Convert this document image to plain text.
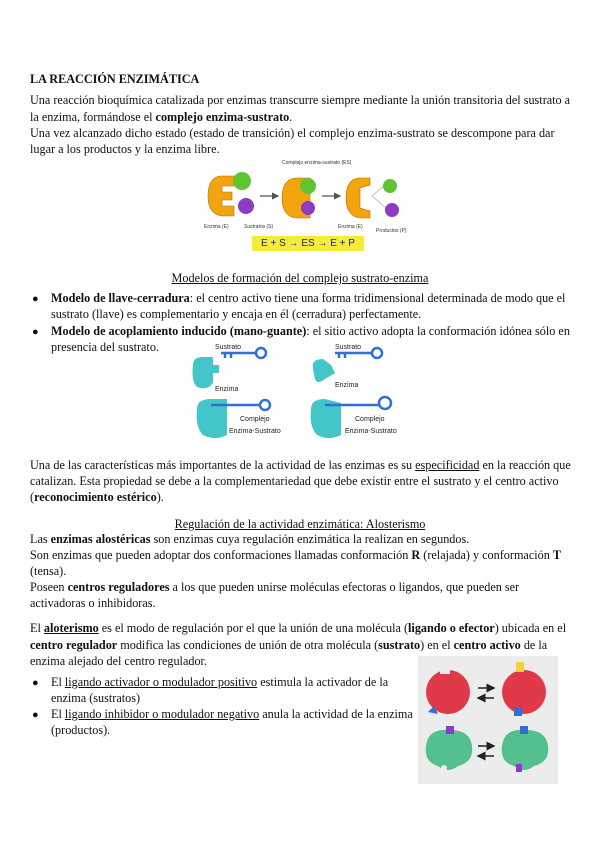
LA REACCIÓN ENZIMÁTICA
Una reacción bioquímica catalizada por enzimas transcurre siempre mediante la unión transitoria del sustrato a
la enzima, formándose el complejo enzima-sustrato.
Una vez alcanzado dicho estado (estado de transición) el complejo enzima-sustrato se descompone para dar
lugar a los productos y la enzima libre.
Enzima (E)	Sustratos (S)
Complejo enzima-sustrato (ES)
Enzima (E)
Productos (P)
E + S → ES → E + P
Modelos de formación del complejo sustrato-enzima
● Modelo de llave-cerradura: el centro activo tiene una forma tridimensional determinada de modo que el
sustrato (llave) es complementario y encaja en él (cerradura) perfectamente.
● Modelo de acoplamiento inducido (mano-guante): el sitio activo adopta la conformación idónea sólo en
presencia del sustrato.	Sustrato
Enzima
Sustrato
Enzima
Complejo
Enzima-Sustrato
Complejo
Enzima-Sustrato
Una de las características más importantes de la actividad de las enzimas es su especificidad en la reacción que
catalizan. Esta propiedad se debe a la complementariedad que debe existir entre el sustrato y el centro activo
(reconocimiento estérico).
Regulación de la actividad enzimática: Alosterismo
Las enzimas alostéricas son enzimas cuya regulación enzimática la realizan en segundos.
Son enzimas que pueden adoptar dos conformaciones llamadas conformación R (relajada) y conformación T
(tensa).
Poseen centros reguladores a los que pueden unirse moléculas efectoras o ligandos, que pueden ser
activadoras o inhibidoras.
El aloterismo es el modo de regulación por el que la unión de una molécula (ligando o efector) ubicada en el
centro regulador modifica las condiciones de unión de otra molécula (sustrato) en el centro activo de la
enzima alejado del centro regulador.
● El ligando activador o modulador positivo estimula la activador de la
enzima (sustratos)
● El ligando inhibidor o modulador negativo anula la actividad de la enzima
(productos).
